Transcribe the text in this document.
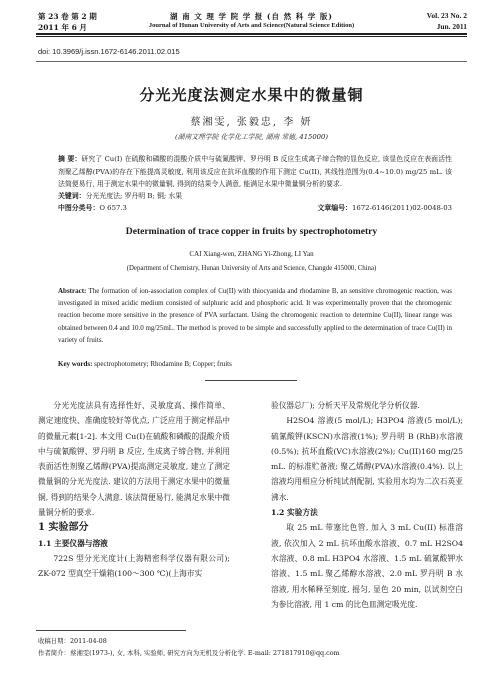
第 23 卷 第 2 期
2011 年 6 月
湖 南 文 理 学 院 学 报 (自 然 科 学 版)
Journal of Hunan University of Arts and Science(Natural Science Edition)
Vol. 23 No. 2
Jun. 2011
doi: 10.3969/j.issn.1672-6146.2011.02.015
分光光度法测定水果中的微量铜
蔡湘雯, 张毅忠, 李 妍
(湖南文理学院 化学化工学院, 湖南 常德, 415000)
摘 要：研究了 Cu(I) 在硫酸和磷酸的混酸介质中与硫氰酸钾、罗丹明 B 反应生成离子缔合物的显色反应, 该显色反应在表面活性剂聚乙烯醇(PVA)的存在下能提高灵敏度, 利用该反应在抗坏血酸的作用下测定 Cu(II), 其线性范围为(0.4~10.0) mg/25 mL. 该法简便易行, 用于测定水果中的微量铜, 得到的结果令人满意, 能满足水果中微量铜分析的要求.
关键词：分光光度法; 罗丹明 B; 铜; 水果
中图分类号：O 657.3	文章编号：1672-6146(2011)02-0048-03
Determination of trace copper in fruits by spectrophotometry
CAI Xiang-wen, ZHANG Yi-Zhong, LI Yan
(Department of Chemistry, Hunan University of Arts and Science, Changde 415000, China)
Abstract: The formation of ion-association complex of Cu(II) with thiocyanida and rhodamine B, an sensitive chromogenic reaction, was investigated in mixed acidic medium consisted of sulphuric acid and phosphoric acid. It was experimentally proven that the chromogenic reaction become more sensitive in the presence of PVA surfactant. Using the chromogenic reaction to determine Cu(II), linear range was obtained between 0.4 and 10.0 mg/25mL. The method is proved to be simple and successfully applied to the determination of trace Cu(II) in variety of fruits.
Key words: spectrophotometry; Rhodamine B; Copper; fruits

分光光度法具有选择性好、灵敏度高、操作简单、测定速度快、准确度较好等优点, 广泛应用于测定样品中的微量元素[1-2]. 本文用 Cu(I)在硫酸和磷酸的混酸介质中与硫氰酸钾、罗丹明 B 反应, 生成离子缔合物, 并利用表面活性剂聚乙烯醇(PVA)提高测定灵敏度, 建立了测定微量铜的分光光度法. 建议的方法用于测定水果中的微量铜, 得到的结果令人满意. 该法简便易行, 能满足水果中微量铜分析的要求.

1 实验部分

1.1 主要仪器与溶液

722S 型分光光度计(上海精密科学仪器有限公司); ZK-072 型真空干燥箱(100～300 ℃)(上海市实

验仪器总厂); 分析天平及常规化学分析仪器.

H2SO4 溶液(5 mol/L); H3PO4 溶液(5 mol/L); 硫氰酸钾(KSCN)水溶液(1%); 罗丹明 B (RhB)水溶液(0.5%); 抗坏血酸(VC)水溶液(2%); Cu(II)160 mg/25 mL. 的标准贮备液; 聚乙烯醇(PVA)水溶液(0.4%). 以上溶液均用相应分析纯试剂配制, 实验用水均为二次石英亚沸水.

1.2 实验方法

取 25 mL 带塞比色管, 加入 3 mL Cu(II) 标准溶液, 依次加入 2 mL 抗坏血酸水溶液、0.7 mL H2SO4 水溶液、0.8 mL H3PO4 水溶液、1.5 mL 硫氰酸钾水溶液、1.5 mL 聚乙烯醇水溶液、2.0 mL 罗丹明 B 水溶液, 用水稀释至刻度, 摇匀, 显色 20 min, 以试剂空白为参比溶液, 用 1 cm 的比色皿测定吸光度.

收稿日期：2011-04-08
作者简介：蔡湘雯(1973-), 女, 本科, 实验师, 研究方向为无机及分析化学. E-mail: 271817910@qq.com
